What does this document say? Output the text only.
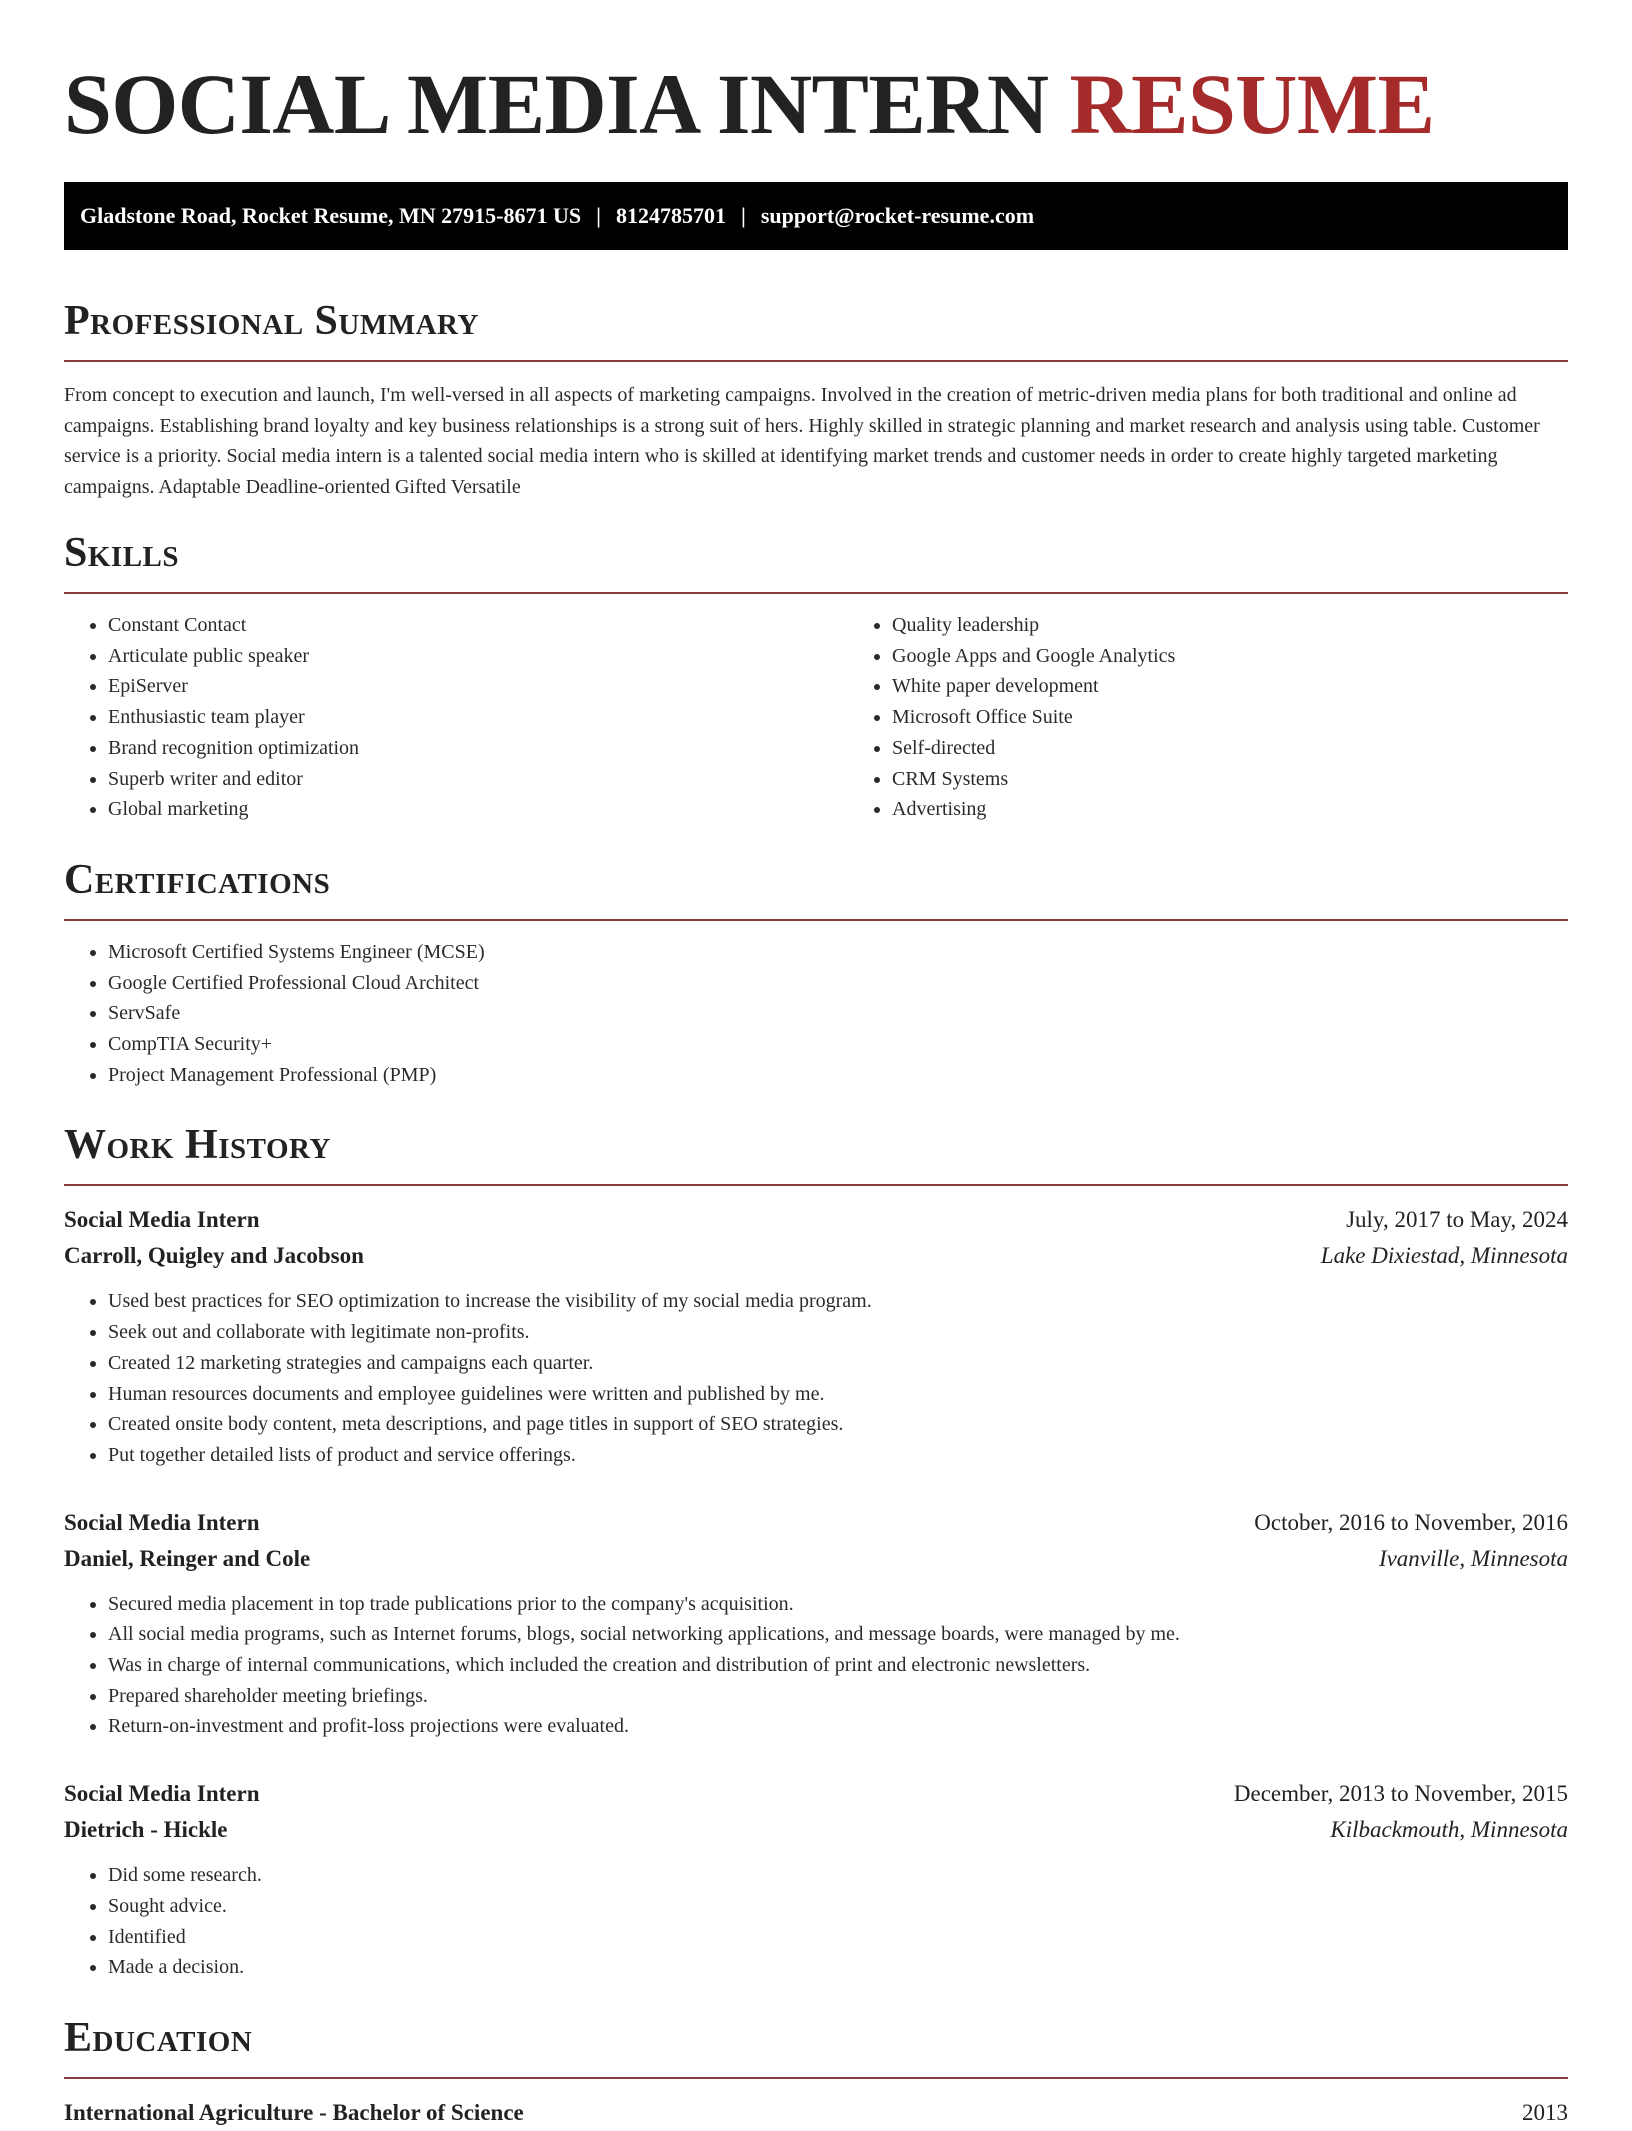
SOCIAL MEDIA INTERN RESUME
Gladstone Road, Rocket Resume, MN 27915-8671 US | 8124785701 | support@rocket-resume.com
Professional Summary

From concept to execution and launch, I'm well-versed in all aspects of marketing campaigns. Involved in the creation of metric-driven media plans for both traditional and online ad campaigns. Establishing brand loyalty and key business relationships is a strong suit of hers. Highly skilled in strategic planning and market research and analysis using table. Customer service is a priority. Social media intern is a talented social media intern who is skilled at identifying market trends and customer needs in order to create highly targeted marketing campaigns. Adaptable Deadline-oriented Gifted Versatile

Skills
• Constant Contact
• Articulate public speaker
• EpiServer
• Enthusiastic team player
• Brand recognition optimization
• Superb writer and editor
• Global marketing
• Quality leadership
• Google Apps and Google Analytics
• White paper development
• Microsoft Office Suite
• Self-directed
• CRM Systems
• Advertising
Certifications
• Microsoft Certified Systems Engineer (MCSE)
• Google Certified Professional Cloud Architect
• ServSafe
• CompTIA Security+
• Project Management Professional (PMP)
Work History
Social Media Intern	July, 2017 to May, 2024
Carroll, Quigley and Jacobson	Lake Dixiestad, Minnesota
• Used best practices for SEO optimization to increase the visibility of my social media program.
• Seek out and collaborate with legitimate non-profits.
• Created 12 marketing strategies and campaigns each quarter.
• Human resources documents and employee guidelines were written and published by me.
• Created onsite body content, meta descriptions, and page titles in support of SEO strategies.
• Put together detailed lists of product and service offerings.
Social Media Intern	October, 2016 to November, 2016
Daniel, Reinger and Cole	Ivanville, Minnesota
• Secured media placement in top trade publications prior to the company's acquisition.
• All social media programs, such as Internet forums, blogs, social networking applications, and message boards, were managed by me.
• Was in charge of internal communications, which included the creation and distribution of print and electronic newsletters.
• Prepared shareholder meeting briefings.
• Return-on-investment and profit-loss projections were evaluated.
Social Media Intern	December, 2013 to November, 2015
Dietrich - Hickle	Kilbackmouth, Minnesota
• Did some research.
• Sought advice.
• Identified
• Made a decision.
Education
International Agriculture - Bachelor of Science	2013
